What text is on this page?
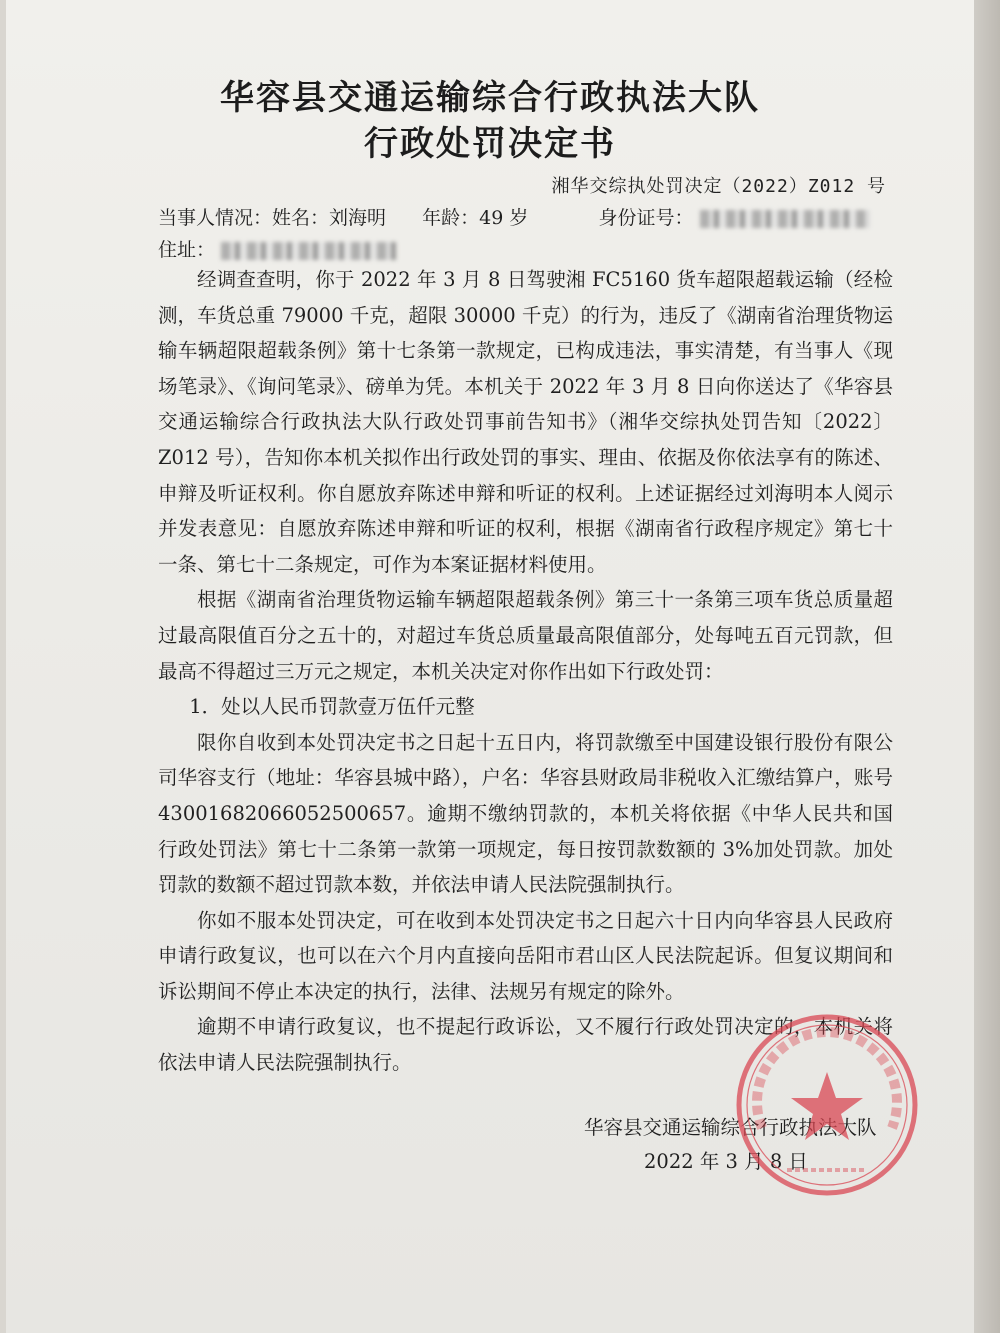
华容县交通运输综合行政执法大队
行政处罚决定书
湘华交综执处罚决定（2022）Z012 号
当事人情况：姓名：刘海明 年龄：49 岁	身份证号：
住址：

经调查查明，你于 2022 年 3 月 8 日驾驶湘 FC5160 货车超限超载运输（经检测，车货总重 79000 千克，超限 30000 千克）的行为，违反了《湖南省治理货物运输车辆超限超载条例》第十七条第一款规定，已构成违法，事实清楚，有当事人《现场笔录》、《询问笔录》、磅单为凭。本机关于 2022 年 3 月 8 日向你送达了《华容县交通运输综合行政执法大队行政处罚事前告知书》（湘华交综执处罚告知〔2022〕Z012 号），告知你本机关拟作出行政处罚的事实、理由、依据及你依法享有的陈述、申辩及听证权利。你自愿放弃陈述申辩和听证的权利。上述证据经过刘海明本人阅示并发表意见：自愿放弃陈述申辩和听证的权利，根据《湖南省行政程序规定》第七十一条、第七十二条规定，可作为本案证据材料使用。

根据《湖南省治理货物运输车辆超限超载条例》第三十一条第三项车货总质量超过最高限值百分之五十的，对超过车货总质量最高限值部分，处每吨五百元罚款，但最高不得超过三万元之规定，本机关决定对你作出如下行政处罚：

1．处以人民币罚款壹万伍仟元整

限你自收到本处罚决定书之日起十五日内，将罚款缴至中国建设银行股份有限公司华容支行（地址：华容县城中路），户名：华容县财政局非税收入汇缴结算户，账号 43001682066052500657。逾期不缴纳罚款的，本机关将依据《中华人民共和国行政处罚法》第七十二条第一款第一项规定，每日按罚款数额的 3%加处罚款。加处罚款的数额不超过罚款本数，并依法申请人民法院强制执行。

你如不服本处罚决定，可在收到本处罚决定书之日起六十日内向华容县人民政府申请行政复议，也可以在六个月内直接向岳阳市君山区人民法院起诉。但复议期间和诉讼期间不停止本决定的执行，法律、法规另有规定的除外。

逾期不申请行政复议，也不提起行政诉讼，又不履行行政处罚决定的，本机关将依法申请人民法院强制执行。

华容县交通运输综合行政执法大队
2022 年 3 月 8 日
